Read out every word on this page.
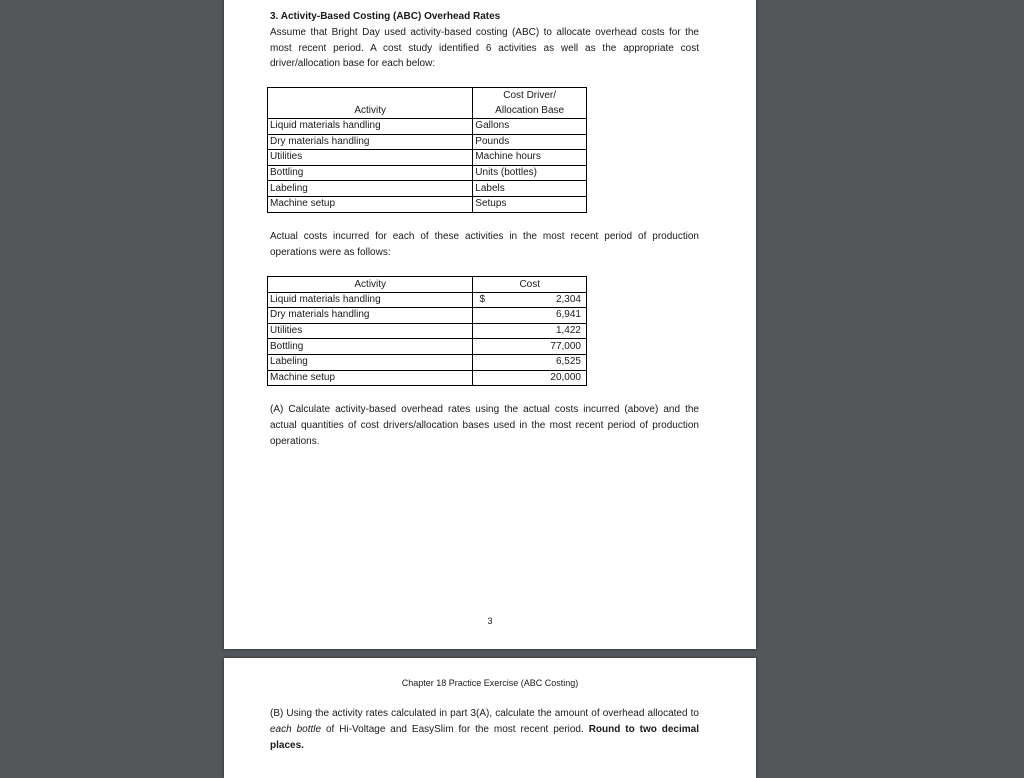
3. Activity-Based Costing (ABC) Overhead Rates

Assume that Bright Day used activity-based costing (ABC) to allocate overhead costs for the most recent period. A cost study identified 6 activities as well as the appropriate cost driver/allocation base for each below:

Activity	Cost Driver/
Allocation Base

Liquid materials handling	Gallons
Dry materials handling	Pounds
Utilities	Machine hours
Bottling	Units (bottles)
Labeling	Labels
Machine setup	Setups

Actual costs incurred for each of these activities in the most recent period of production operations were as follows:

Activity	Cost
Liquid materials handling	$ 2,304

Dry materials handling	6,941
Utilities	1,422
Bottling	77,000
Labeling	6,525
Machine setup	20,000

(A) Calculate activity-based overhead rates using the actual costs incurred (above) and the actual quantities of cost drivers/allocation bases used in the most recent period of production operations.

3
Chapter 18 Practice Exercise (ABC Costing)

(B) Using the activity rates calculated in part 3(A), calculate the amount of overhead allocated to each bottle of Hi-Voltage and EasySlim for the most recent period. Round to two decimal places.
